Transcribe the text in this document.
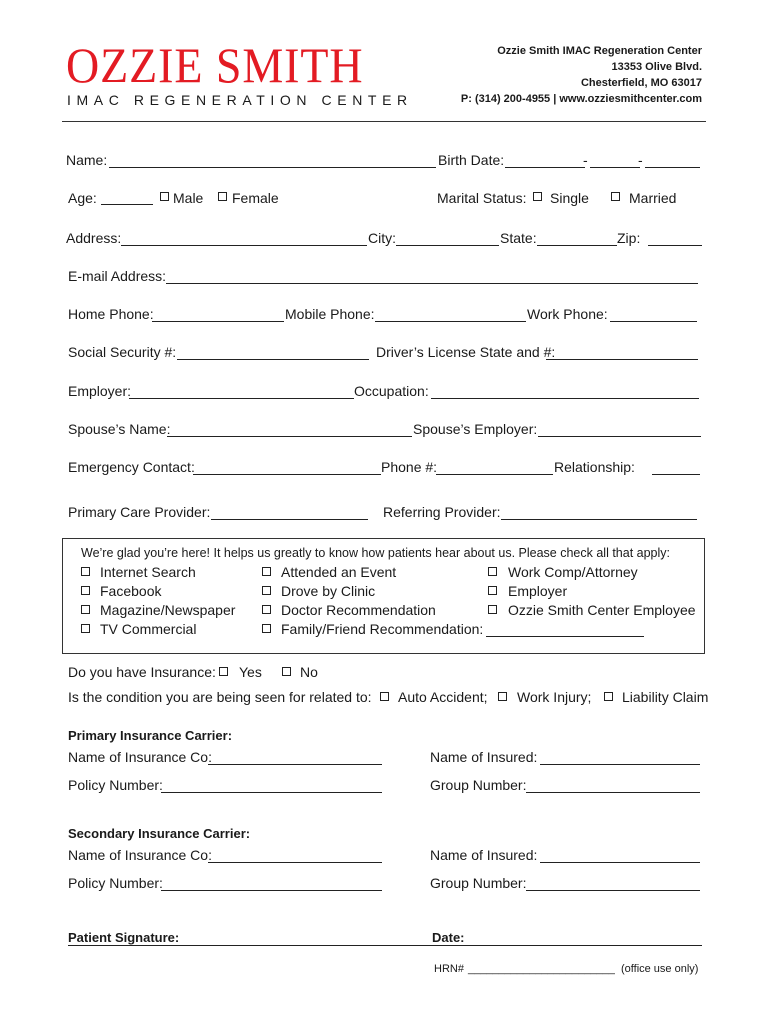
OZZIE SMITH
IMAC REGENERATION CENTER
Ozzie Smith IMAC Regeneration Center
13353 Olive Blvd.
Chesterfield, MO 63017
P: (314) 200-4955 | www.ozziesmithcenter.com
Name:	Birth Date:	-	-
Age:	Male Female	Marital Status: Single	Married
Address:	City:	State:	Zip:
E-mail Address:
Home Phone:	Mobile Phone:	Work Phone:
Social Security #:	Driver’s License State and #:
Employer:	Occupation:
Spouse’s Name:	Spouse’s Employer:
Emergency Contact:	Phone #:	Relationship:
Primary Care Provider:	Referring Provider:
We’re glad you’re here! It helps us greatly to know how patients hear about us. Please check all that apply:
Internet Search
Facebook
Magazine/Newspaper
TV Commercial
Attended an Event
Drove by Clinic
Doctor Recommendation
Family/Friend Recommendation:
Work Comp/Attorney
Employer
Ozzie Smith Center Employee
Do you have Insurance: Yes	No
Is the condition you are being seen for related to: Auto Accident; Work Injury; Liability Claim
Primary Insurance Carrier:
Name of Insurance Co:	Name of Insured:
Policy Number:	Group Number:
Secondary Insurance Carrier:
Name of Insurance Co:	Name of Insured:
Policy Number:	Group Number:
Patient Signature:	Date:
HRN# ________________________ (office use only)
